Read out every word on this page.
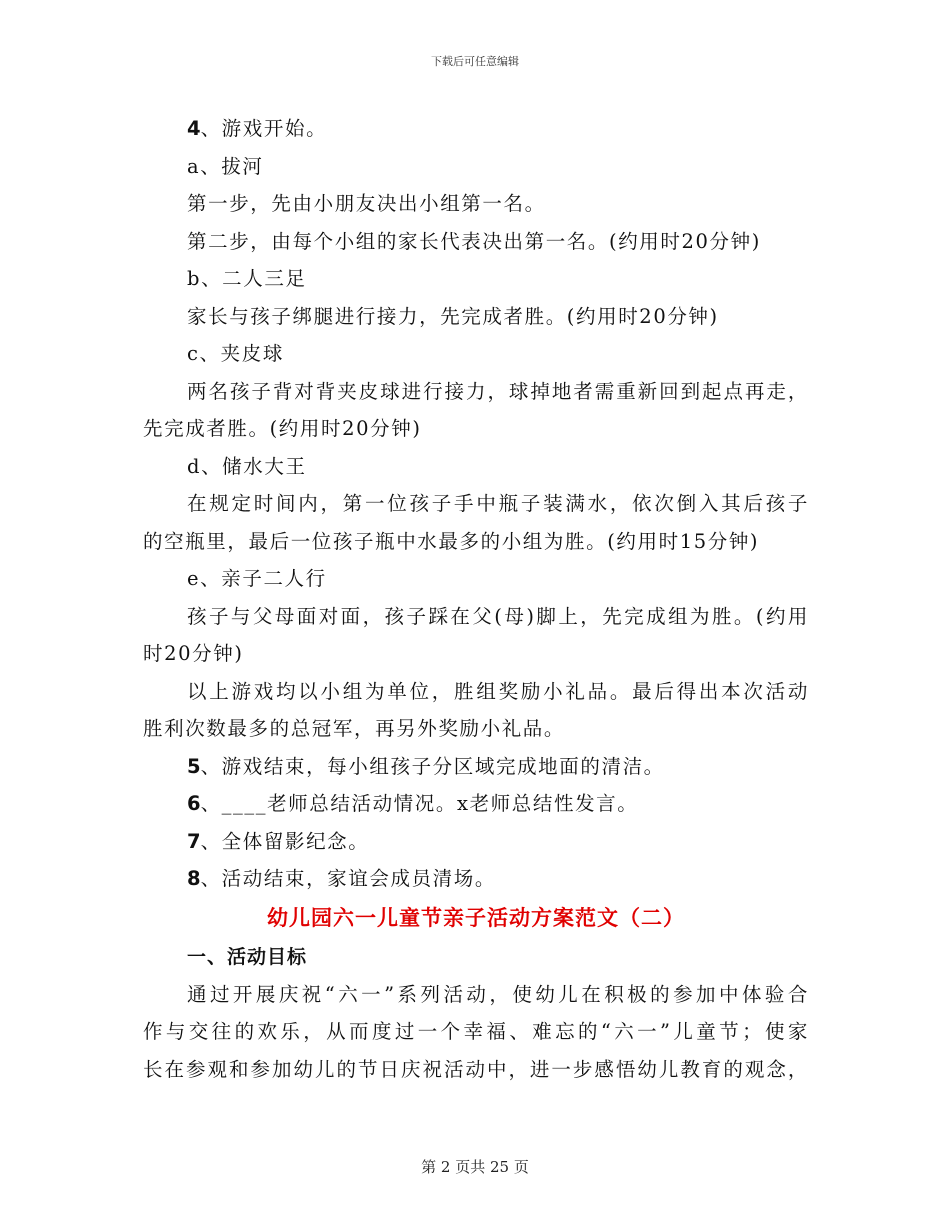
下载后可任意编辑
4、游戏开始。
a、拔河
第一步，先由小朋友决出小组第一名。
第二步，由每个小组的家长代表决出第一名。(约用时20分钟)
b、二人三足
家长与孩子绑腿进行接力，先完成者胜。(约用时20分钟)
c、夹皮球
两名孩子背对背夹皮球进行接力，球掉地者需重新回到起点再走，
先完成者胜。(约用时20分钟)
d、储水大王
在规定时间内，第一位孩子手中瓶子装满水，依次倒入其后孩子
的空瓶里，最后一位孩子瓶中水最多的小组为胜。(约用时15分钟)
e、亲子二人行
孩子与父母面对面，孩子踩在父(母)脚上，先完成组为胜。(约用
时20分钟)
以上游戏均以小组为单位，胜组奖励小礼品。最后得出本次活动
胜利次数最多的总冠军，再另外奖励小礼品。
5、游戏结束，每小组孩子分区域完成地面的清洁。
6、____老师总结活动情况。x老师总结性发言。
7、全体留影纪念。
8、活动结束，家谊会成员清场。
幼儿园六一儿童节亲子活动方案范文（二）
一、活动目标
通过开展庆祝“六一”系列活动，使幼儿在积极的参加中体验合
作与交往的欢乐，从而度过一个幸福、难忘的“六一”儿童节；使家
长在参观和参加幼儿的节日庆祝活动中，进一步感悟幼儿教育的观念，
第 2 页共 25 页
